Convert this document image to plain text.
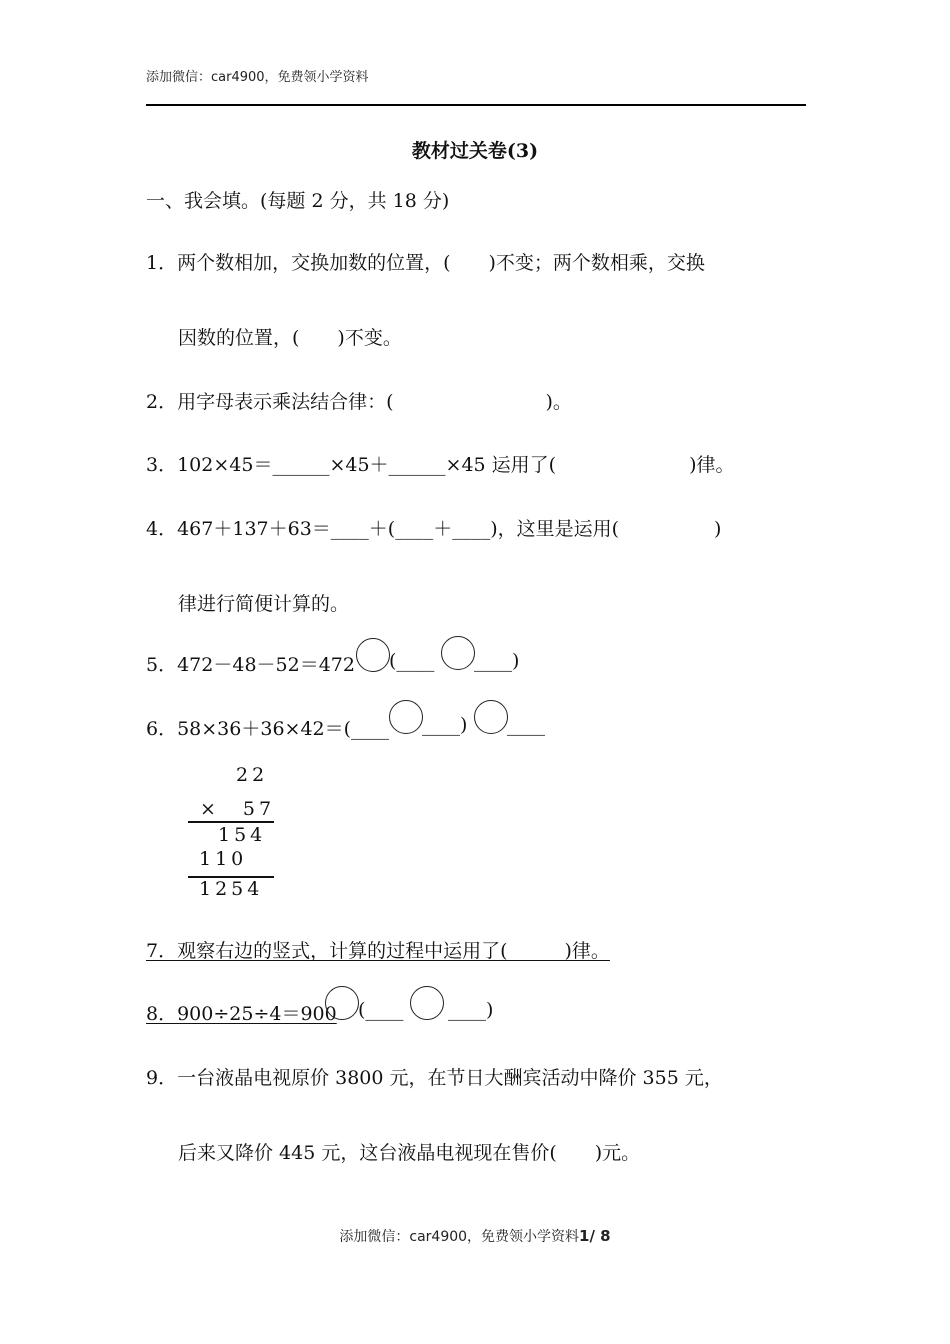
添加微信：car4900，免费领小学资料
教材过关卷(3)
一、我会填。(每题 2 分，共 18 分)
1．两个数相加，交换加数的位置，(　　)不变；两个数相乘，交换
因数的位置，(　　)不变。
2．用字母表示乘法结合律：(　　　　　　　　)。
3．102×45＝______×45＋______×45 运用了(　　　　　　　)律。
4．467＋137＋63＝____＋(____＋____)，这里是运用(　　　　　)
律进行简便计算的。
5．472－48－52＝472 (____ ____)
6．58×36＋36×42＝(____ ____) ____
22
×　57
154
110
1254
7．观察右边的竖式，计算的过程中运用了(　　　)律。
8．900÷25÷4＝900 (____ ____)
9．一台液晶电视原价 3800 元，在节日大酬宾活动中降价 355 元，
后来又降价 445 元，这台液晶电视现在售价(　　)元。
添加微信：car4900，免费领小学资料1/ 8
